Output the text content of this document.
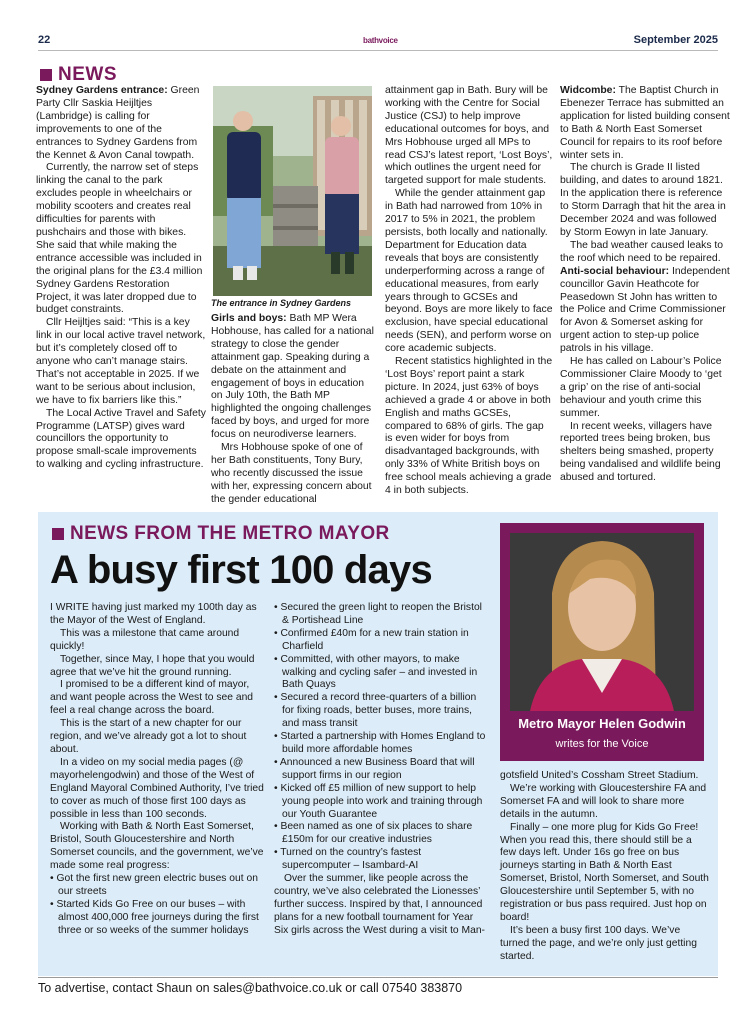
22	bathvoice	September 2025
NEWS

Sydney Gardens entrance: Green Party Cllr Saskia Heijltjes (Lambridge) is calling for improvements to one of the entrances to Sydney Gardens from the Kennet & Avon Canal towpath.

Currently, the narrow set of steps linking the canal to the park excludes people in wheelchairs or mobility scooters and creates real difficulties for parents with pushchairs and those with bikes. She said that while making the entrance accessible was included in the original plans for the £3.4 million Sydney Gardens Restoration Project, it was later dropped due to budget constraints.

Cllr Heijltjes said: “This is a key link in our local active travel network, but it’s completely closed off to anyone who can’t manage stairs. That’s not acceptable in 2025. If we want to be serious about inclusion, we have to fix barriers like this.”

The Local Active Travel and Safety Programme (LATSP) gives ward councillors the opportunity to propose small-scale improvements to walking and cycling infrastructure.

The entrance in Sydney Gardens

Girls and boys: Bath MP Wera Hobhouse, has called for a national strategy to close the gender attainment gap. Speaking during a debate on the attainment and engagement of boys in education on July 10th, the Bath MP highlighted the ongoing challenges faced by boys, and urged for more focus on neurodiverse learners.

Mrs Hobhouse spoke of one of her Bath constituents, Tony Bury, who recently discussed the issue with her, expressing concern about the gender educational

attainment gap in Bath. Bury will be working with the Centre for Social Justice (CSJ) to help improve educational outcomes for boys, and Mrs Hobhouse urged all MPs to read CSJ’s latest report, ‘Lost Boys’, which outlines the urgent need for targeted support for male students.

While the gender attainment gap in Bath had narrowed from 10% in 2017 to 5% in 2021, the problem persists, both locally and nationally. Department for Education data reveals that boys are consistently underperforming across a range of educational measures, from early years through to GCSEs and beyond. Boys are more likely to face exclusion, have special educational needs (SEN), and perform worse on core academic subjects.

Recent statistics highlighted in the ‘Lost Boys’ report paint a stark picture. In 2024, just 63% of boys achieved a grade 4 or above in both English and maths GCSEs, compared to 68% of girls. The gap is even wider for boys from disadvantaged backgrounds, with only 33% of White British boys on free school meals achieving a grade 4 in both subjects.

Widcombe: The Baptist Church in Ebenezer Terrace has submitted an application for listed building consent to Bath & North East Somerset Council for repairs to its roof before winter sets in.

The church is Grade II listed building, and dates to around 1821. In the application there is reference to Storm Darragh that hit the area in December 2024 and was followed by Storm Eowyn in late January.

The bad weather caused leaks to the roof which need to be repaired.

Anti-social behaviour: Independent councillor Gavin Heathcote for Peasedown St John has written to the Police and Crime Commissioner for Avon & Somerset asking for urgent action to step-up police patrols in his village.

He has called on Labour’s Police Commissioner Claire Moody to ‘get a grip’ on the rise of anti-social behaviour and youth crime this summer.

In recent weeks, villagers have reported trees being broken, bus shelters being smashed, property being vandalised and wildlife being abused and tortured.

NEWS FROM THE METRO MAYOR
A busy first 100 days

I WRITE having just marked my 100th day as the Mayor of the West of England.

This was a milestone that came around quickly!

Together, since May, I hope that you would agree that we’ve hit the ground running.

I promised to be a different kind of mayor, and want people across the West to see and feel a real change across the board.

This is the start of a new chapter for our region, and we’ve already got a lot to shout about.

In a video on my social media pages (@ mayorhelengodwin) and those of the West of England Mayoral Combined Authority, I’ve tried to cover as much of those first 100 days as possible in less than 100 seconds.

Working with Bath & North East Somerset, Bristol, South Gloucestershire and North Somerset councils, and the government, we’ve made some real progress:

• Got the first new green electric buses out on our streets
• Started Kids Go Free on our buses – with almost 400,000 free journeys during the first three or so weeks of the summer holidays
• Secured the green light to reopen the Bristol & Portishead Line
• Confirmed £40m for a new train station in Charfield
• Committed, with other mayors, to make walking and cycling safer – and invested in Bath Quays
• Secured a record three-quarters of a billion for fixing roads, better buses, more trains, and mass transit
• Started a partnership with Homes England to build more affordable homes
• Announced a new Business Board that will support firms in our region
• Kicked off £5 million of new support to help young people into work and training through our Youth Guarantee
• Been named as one of six places to share £150m for our creative industries
• Turned on the country’s fastest supercomputer – Isambard-AI

Over the summer, like people across the country, we’ve also celebrated the Lionesses’ further success. Inspired by that, I announced plans for a new football tournament for Year Six girls across the West during a visit to Man-

Metro Mayor Helen Godwin
writes for the Voice

gotsfield United’s Cossham Street Stadium.

We’re working with Gloucestershire FA and Somerset FA and will look to share more details in the autumn.

Finally – one more plug for Kids Go Free! When you read this, there should still be a few days left. Under 16s go free on bus journeys starting in Bath & North East Somerset, Bristol, North Somerset, and South Gloucestershire until September 5, with no registration or bus pass required. Just hop on board!

It’s been a busy first 100 days. We’ve turned the page, and we’re only just getting started.

To advertise, contact Shaun on sales@bathvoice.co.uk or call 07540 383870
